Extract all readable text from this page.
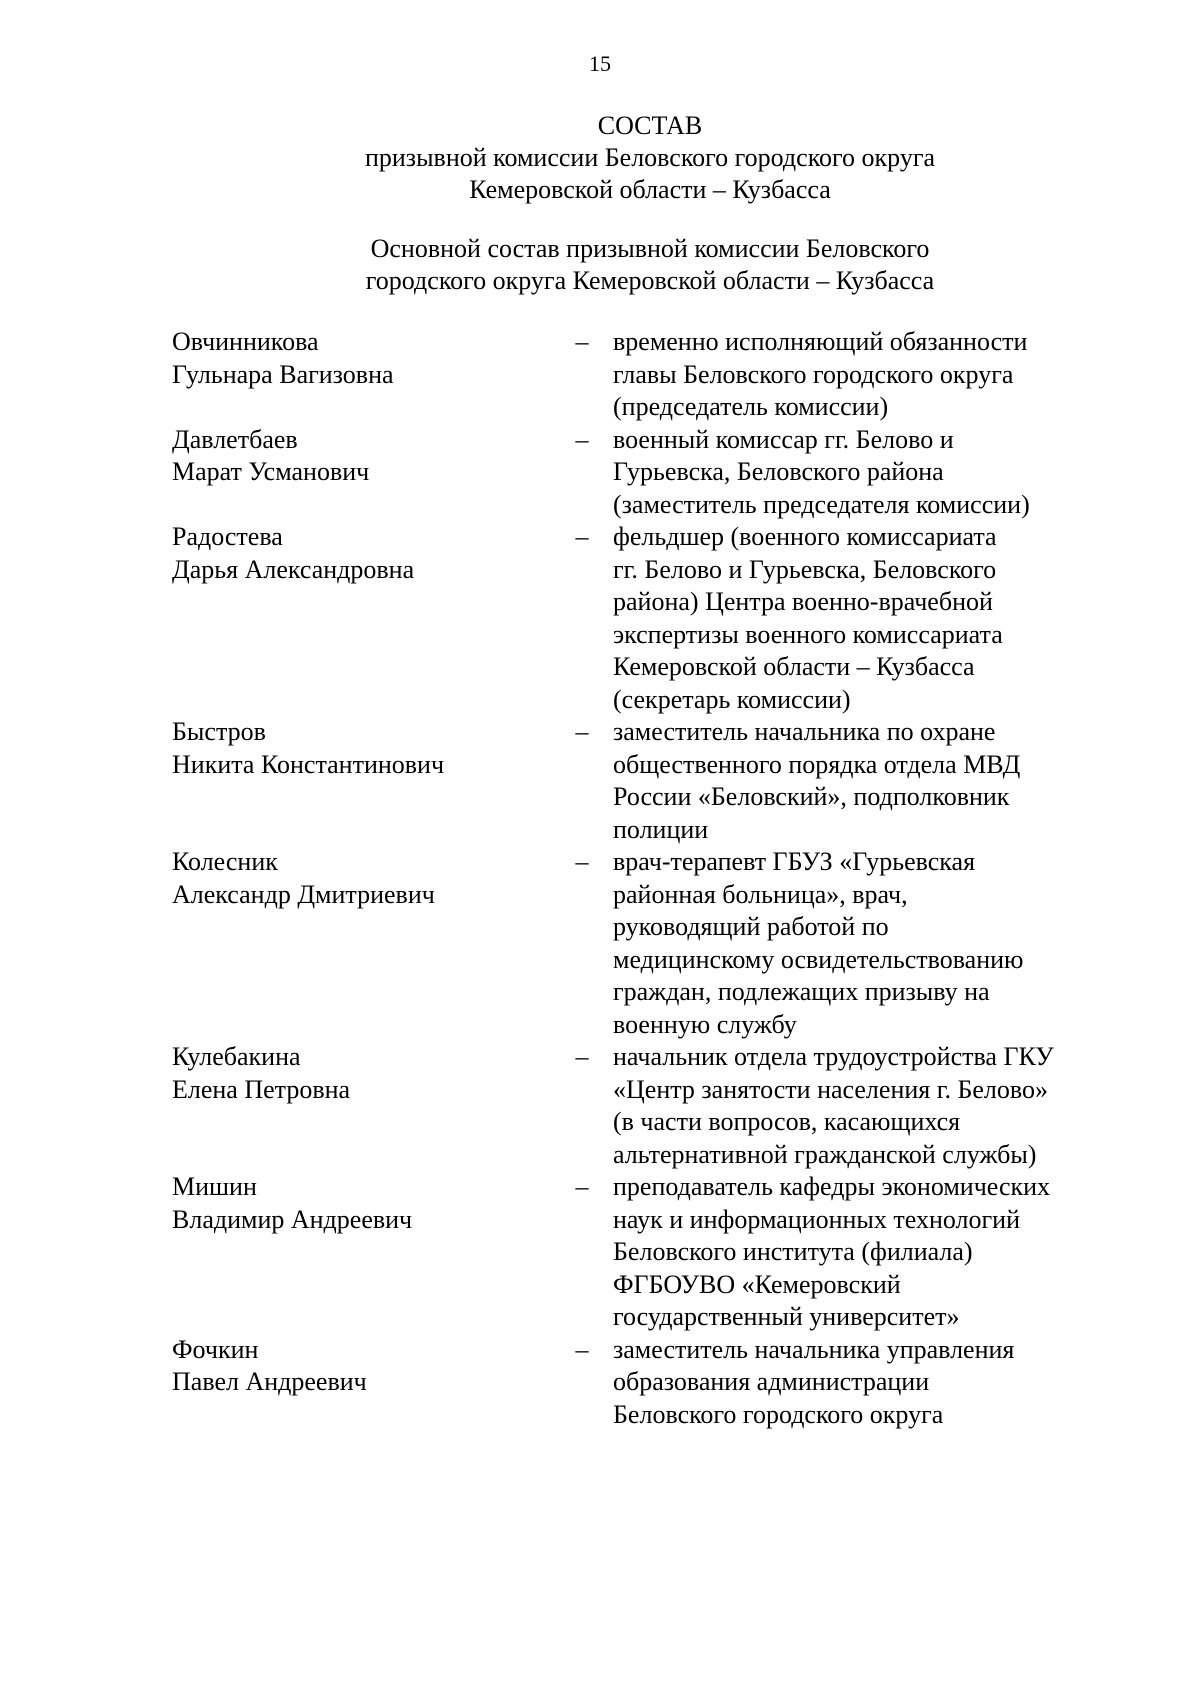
15
СОСТАВ
призывной комиссии Беловского городского округа
Кемеровской области – Кузбасса
Основной состав призывной комиссии Беловского
городского округа Кемеровской области – Кузбасса
Овчинникова
Гульнара Вагизовна
– временно исполняющий обязанности
главы Беловского городского округа
(председатель комиссии)
Давлетбаев
Марат Усманович
– военный комиссар гг. Белово и
Гурьевска, Беловского района
(заместитель председателя комиссии)
Радостева
Дарья Александровна
– фельдшер (военного комиссариата
гг. Белово и Гурьевска, Беловского
района) Центра военно-врачебной
экспертизы военного комиссариата
Кемеровской области – Кузбасса
(секретарь комиссии)
Быстров
Никита Константинович
– заместитель начальника по охране
общественного порядка отдела МВД
России «Беловский», подполковник
полиции
Колесник
Александр Дмитриевич
– врач-терапевт ГБУЗ «Гурьевская
районная больница», врач,
руководящий работой по
медицинскому освидетельствованию
граждан, подлежащих призыву на
военную службу
Кулебакина
Елена Петровна
– начальник отдела трудоустройства ГКУ
«Центр занятости населения г. Белово»
(в части вопросов, касающихся
альтернативной гражданской службы)
Мишин
Владимир Андреевич
– преподаватель кафедры экономических
наук и информационных технологий
Беловского института (филиала)
ФГБОУВО «Кемеровский
государственный университет»
Фочкин
Павел Андреевич
– заместитель начальника управления
образования администрации
Беловского городского округа
